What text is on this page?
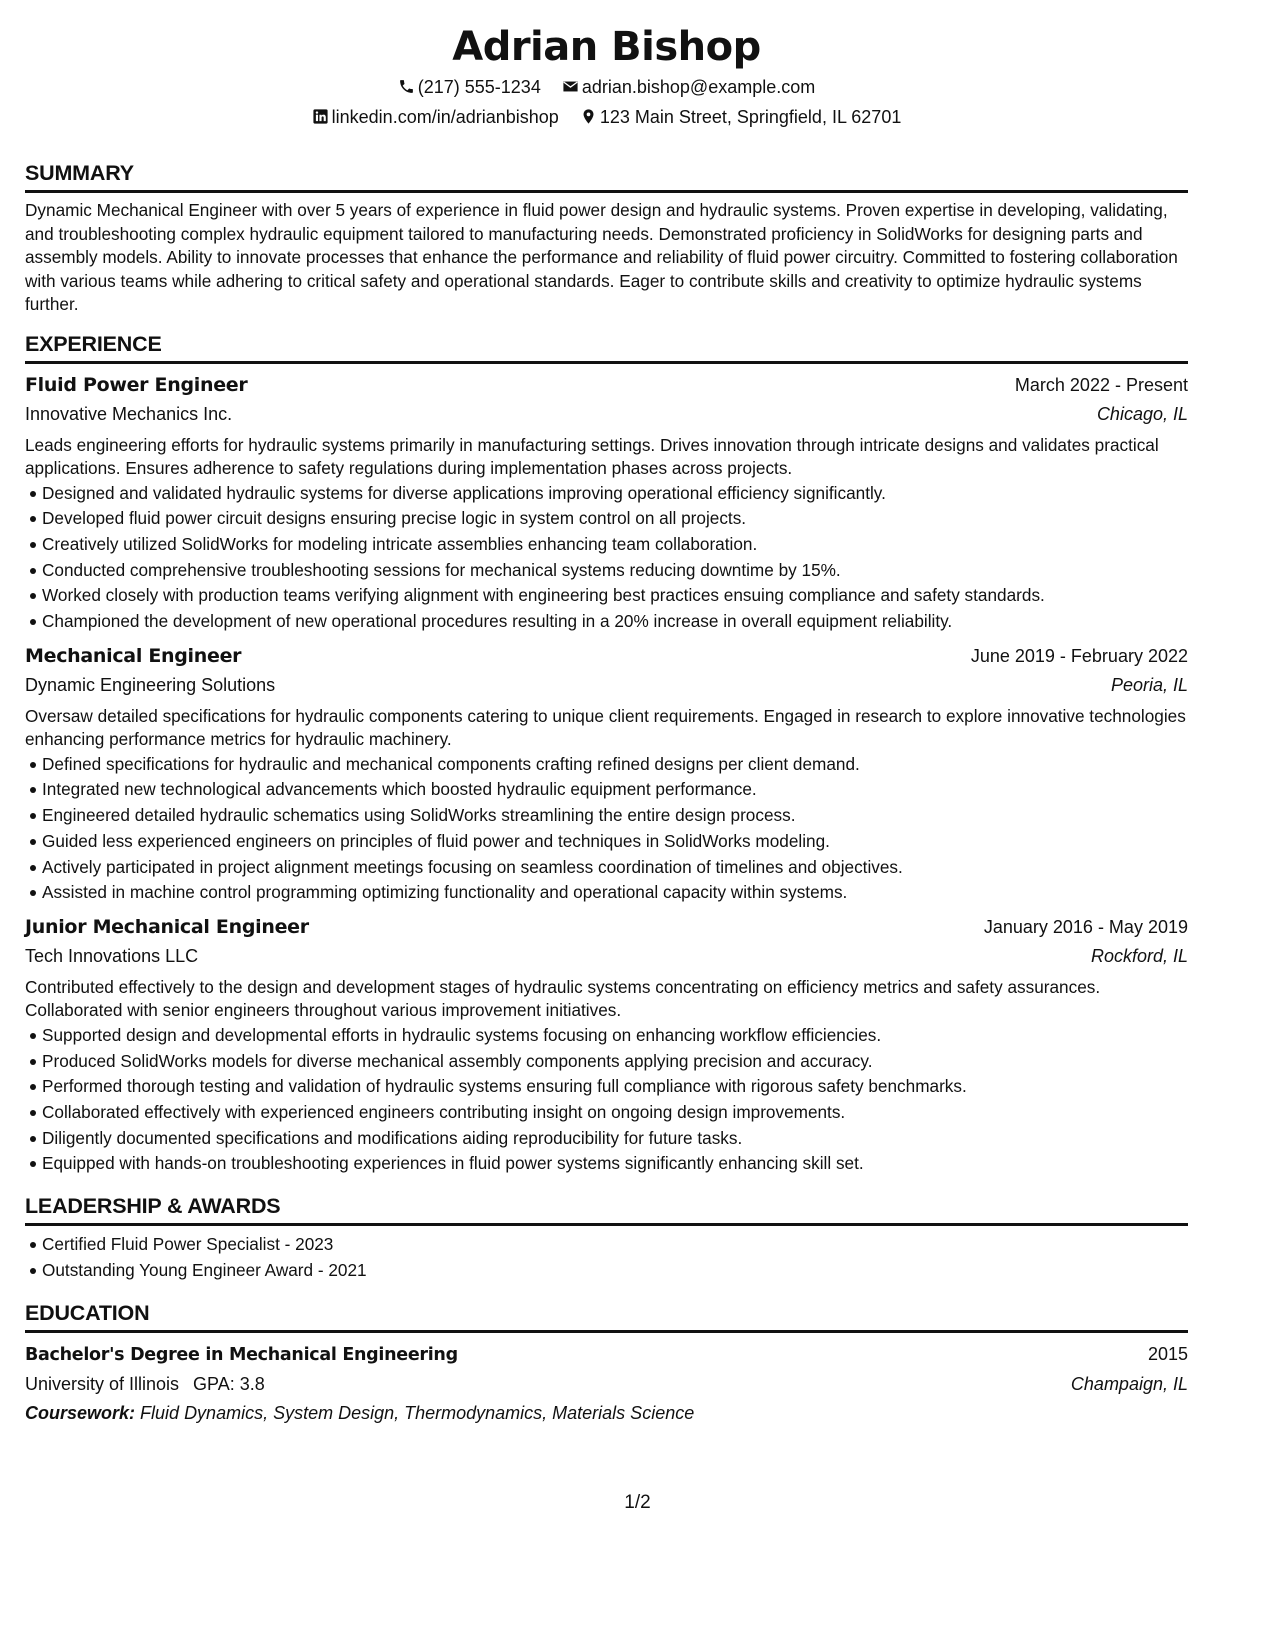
Adrian Bishop
(217) 555-1234 adrian.bishop@example.com
linkedin.com/in/adrianbishop 123 Main Street, Springfield, IL 62701
SUMMARY

Dynamic Mechanical Engineer with over 5 years of experience in fluid power design and hydraulic systems. Proven expertise in developing, validating, and troubleshooting complex hydraulic equipment tailored to manufacturing needs. Demonstrated proficiency in SolidWorks for designing parts and assembly models. Ability to innovate processes that enhance the performance and reliability of fluid power circuitry. Committed to fostering collaboration with various teams while adhering to critical safety and operational standards. Eager to contribute skills and creativity to optimize hydraulic systems further.

EXPERIENCE
Fluid Power Engineer	March 2022 - Present
Innovative Mechanics Inc.	Chicago, IL

Leads engineering efforts for hydraulic systems primarily in manufacturing settings. Drives innovation through intricate designs and validates practical applications. Ensures adherence to safety regulations during implementation phases across projects.

Designed and validated hydraulic systems for diverse applications improving operational efficiency significantly.
Developed fluid power circuit designs ensuring precise logic in system control on all projects.
Creatively utilized SolidWorks for modeling intricate assemblies enhancing team collaboration.
Conducted comprehensive troubleshooting sessions for mechanical systems reducing downtime by 15%.
Worked closely with production teams verifying alignment with engineering best practices ensuing compliance and safety standards.
Championed the development of new operational procedures resulting in a 20% increase in overall equipment reliability.
Mechanical Engineer	June 2019 - February 2022
Dynamic Engineering Solutions	Peoria, IL

Oversaw detailed specifications for hydraulic components catering to unique client requirements. Engaged in research to explore innovative technologies enhancing performance metrics for hydraulic machinery.

Defined specifications for hydraulic and mechanical components crafting refined designs per client demand.
Integrated new technological advancements which boosted hydraulic equipment performance.
Engineered detailed hydraulic schematics using SolidWorks streamlining the entire design process.
Guided less experienced engineers on principles of fluid power and techniques in SolidWorks modeling.
Actively participated in project alignment meetings focusing on seamless coordination of timelines and objectives.
Assisted in machine control programming optimizing functionality and operational capacity within systems.
Junior Mechanical Engineer	January 2016 - May 2019
Tech Innovations LLC	Rockford, IL

Contributed effectively to the design and development stages of hydraulic systems concentrating on efficiency metrics and safety assurances. Collaborated with senior engineers throughout various improvement initiatives.

Supported design and developmental efforts in hydraulic systems focusing on enhancing workflow efficiencies.
Produced SolidWorks models for diverse mechanical assembly components applying precision and accuracy.
Performed thorough testing and validation of hydraulic systems ensuring full compliance with rigorous safety benchmarks.
Collaborated effectively with experienced engineers contributing insight on ongoing design improvements.
Diligently documented specifications and modifications aiding reproducibility for future tasks.
Equipped with hands-on troubleshooting experiences in fluid power systems significantly enhancing skill set.
LEADERSHIP & AWARDS
Certified Fluid Power Specialist - 2023
Outstanding Young Engineer Award - 2021
EDUCATION
Bachelor's Degree in Mechanical Engineering	2015
University of Illinois GPA: 3.8	Champaign, IL
Coursework: Fluid Dynamics, System Design, Thermodynamics, Materials Science
1/2
